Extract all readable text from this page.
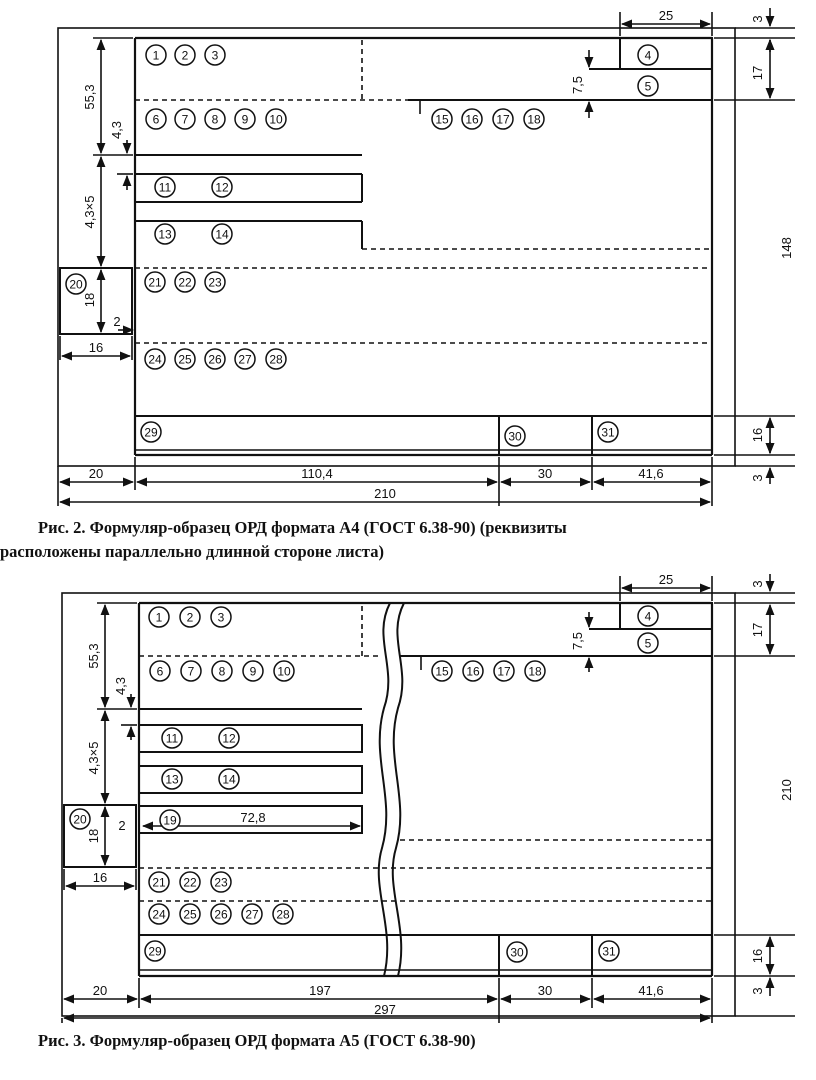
25	3
17
7,5
55,3
4,3
4,3×5
18
2
16
148
16
3
20	110,4	30	41,6
210
1 2 3	4
5
6 7 8 9 10	15 16 17 18
11	12
13	14
20	21 22 23
24 25 26 27 28
29	30	31

Рис. 2. Формуляр-образец ОРД формата А4 (ГОСТ 6.38-90) (реквизиты
расположены параллельно длинной стороне листа)

25	3
17
7,5
55,3
4,3
4,3×5
18
2
16
72,8
210
16
3
20	197	30	41,6
297
1 2 3	4
5
6 7 8 9 10	15 16 17 18
11	12
13	14
19
20
21 22 23
24 25 26 27 28
29	30	31

Рис. 3. Формуляр-образец ОРД формата А5 (ГОСТ 6.38-90)
